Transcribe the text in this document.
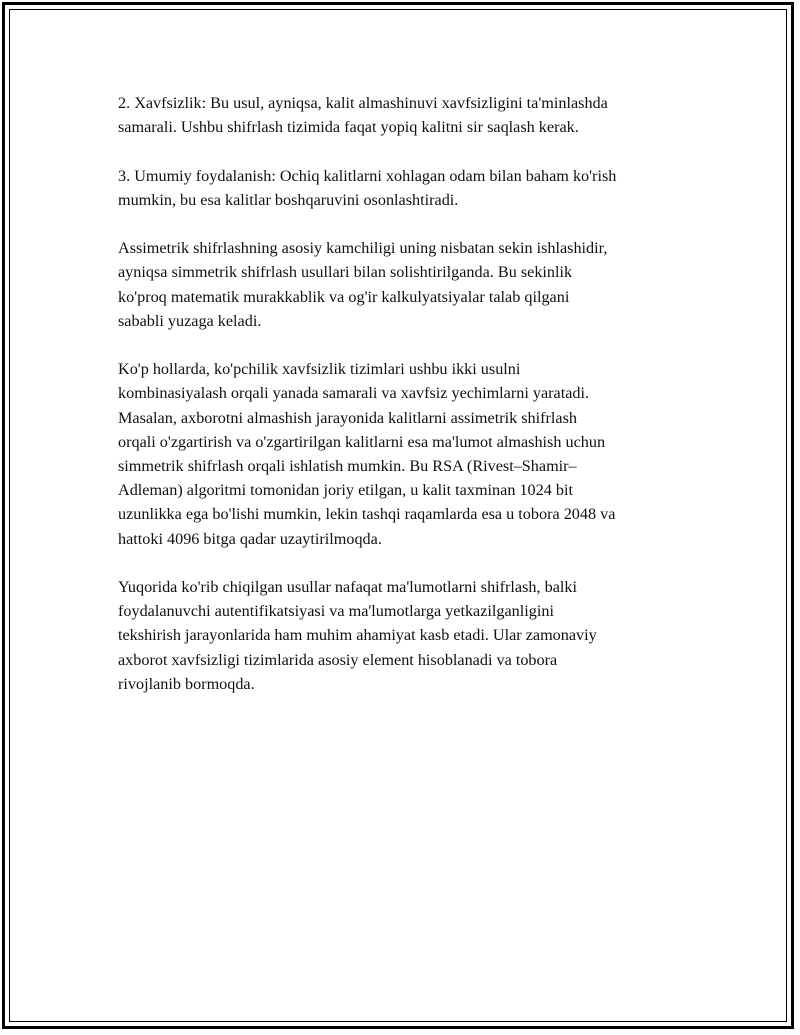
2. Xavfsizlik: Bu usul, ayniqsa, kalit almashinuvi xavfsizligini ta'minlashda
samarali. Ushbu shifrlash tizimida faqat yopiq kalitni sir saqlash kerak.

3. Umumiy foydalanish: Ochiq kalitlarni xohlagan odam bilan baham ko'rish
mumkin, bu esa kalitlar boshqaruvini osonlashtiradi.

Assimetrik shifrlashning asosiy kamchiligi uning nisbatan sekin ishlashidir,
ayniqsa simmetrik shifrlash usullari bilan solishtirilganda. Bu sekinlik
ko'proq matematik murakkablik va og'ir kalkulyatsiyalar talab qilgani
sababli yuzaga keladi.

Ko'p hollarda, ko'pchilik xavfsizlik tizimlari ushbu ikki usulni
kombinasiyalash orqali yanada samarali va xavfsiz yechimlarni yaratadi.
Masalan, axborotni almashish jarayonida kalitlarni assimetrik shifrlash
orqali o'zgartirish va o'zgartirilgan kalitlarni esa ma'lumot almashish uchun
simmetrik shifrlash orqali ishlatish mumkin. Bu RSA (Rivest–Shamir–
Adleman) algoritmi tomonidan joriy etilgan, u kalit taxminan 1024 bit
uzunlikka ega bo'lishi mumkin, lekin tashqi raqamlarda esa u tobora 2048 va
hattoki 4096 bitga qadar uzaytirilmoqda.

Yuqorida ko'rib chiqilgan usullar nafaqat ma'lumotlarni shifrlash, balki
foydalanuvchi autentifikatsiyasi va ma'lumotlarga yetkazilganligini
tekshirish jarayonlarida ham muhim ahamiyat kasb etadi. Ular zamonaviy
axborot xavfsizligi tizimlarida asosiy element hisoblanadi va tobora
rivojlanib bormoqda.
